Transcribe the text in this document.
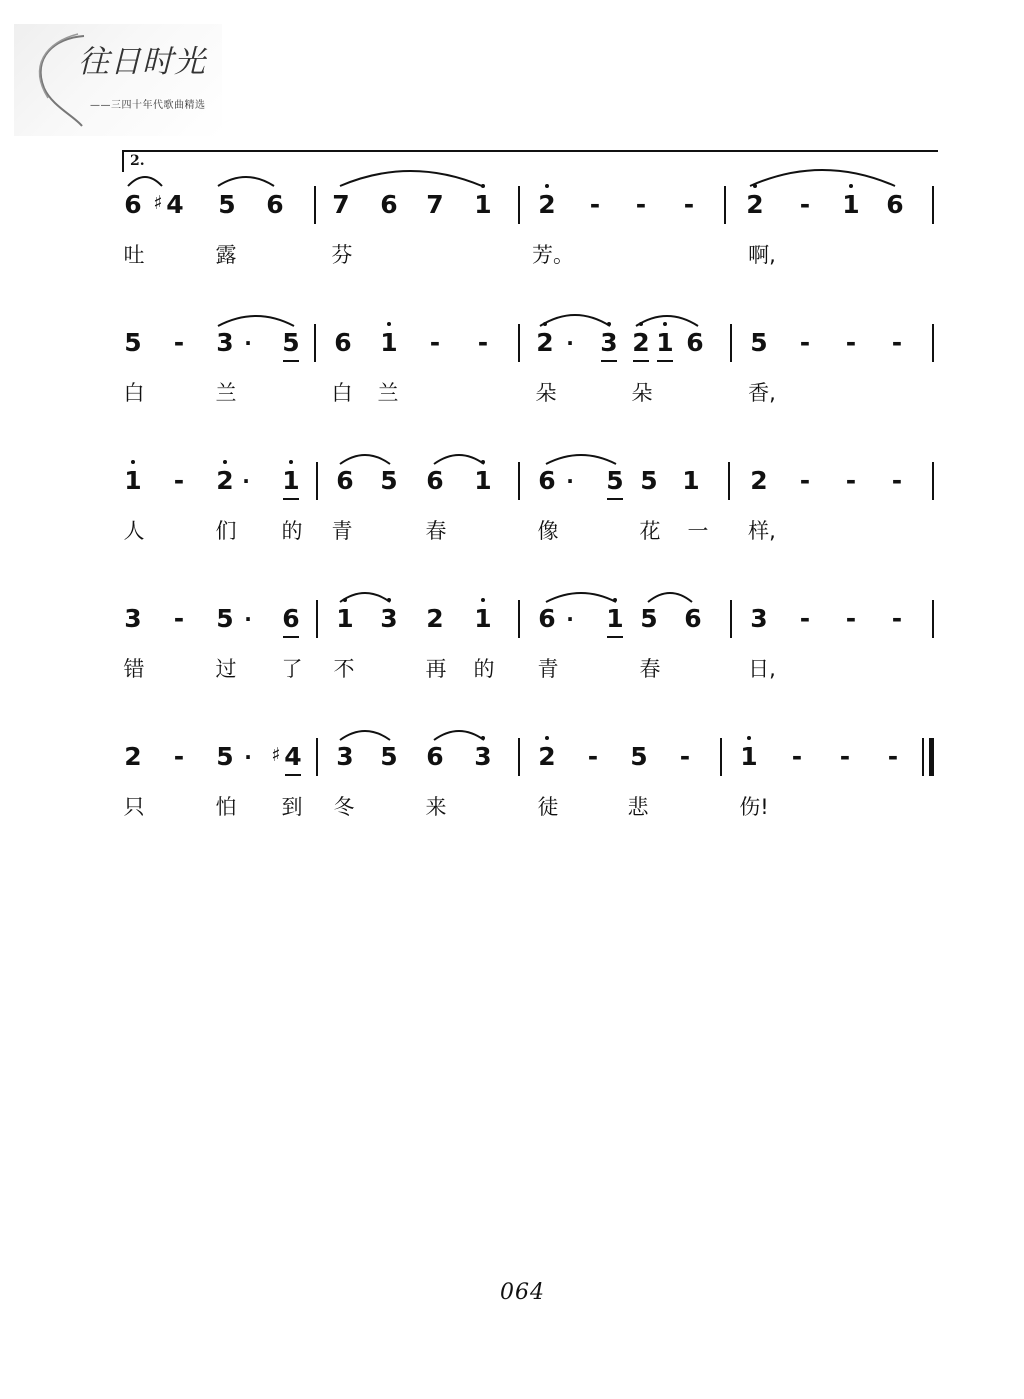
往日时光
——三四十年代歌曲精选
2.
6 ♯ 4 5 6 7 6 7 1 2	-	-	-	2	-	1 6
吐	露	芬	芳。	啊,
5	-	3 · 5 6 1	-	-	2 · 3 2 1 6 5	-	-	-
白	兰	白	兰	朵	朵	香,
1	-	2 · 1 6 5 6 1 6 · 5 5 1 2	-	-	-
人	们	的	青	春	像	花	一	样,
3	-	5 · 6 1 3 2 1 6 · 1 5 6 3	-	-	-
错	过	了	不	再	的	青	春	日,
2	-	5 · ♯ 4 3 5 6 3 2	-	5	-	1	-	-	-
只	怕	到	冬	来	徒	悲	伤!
064
